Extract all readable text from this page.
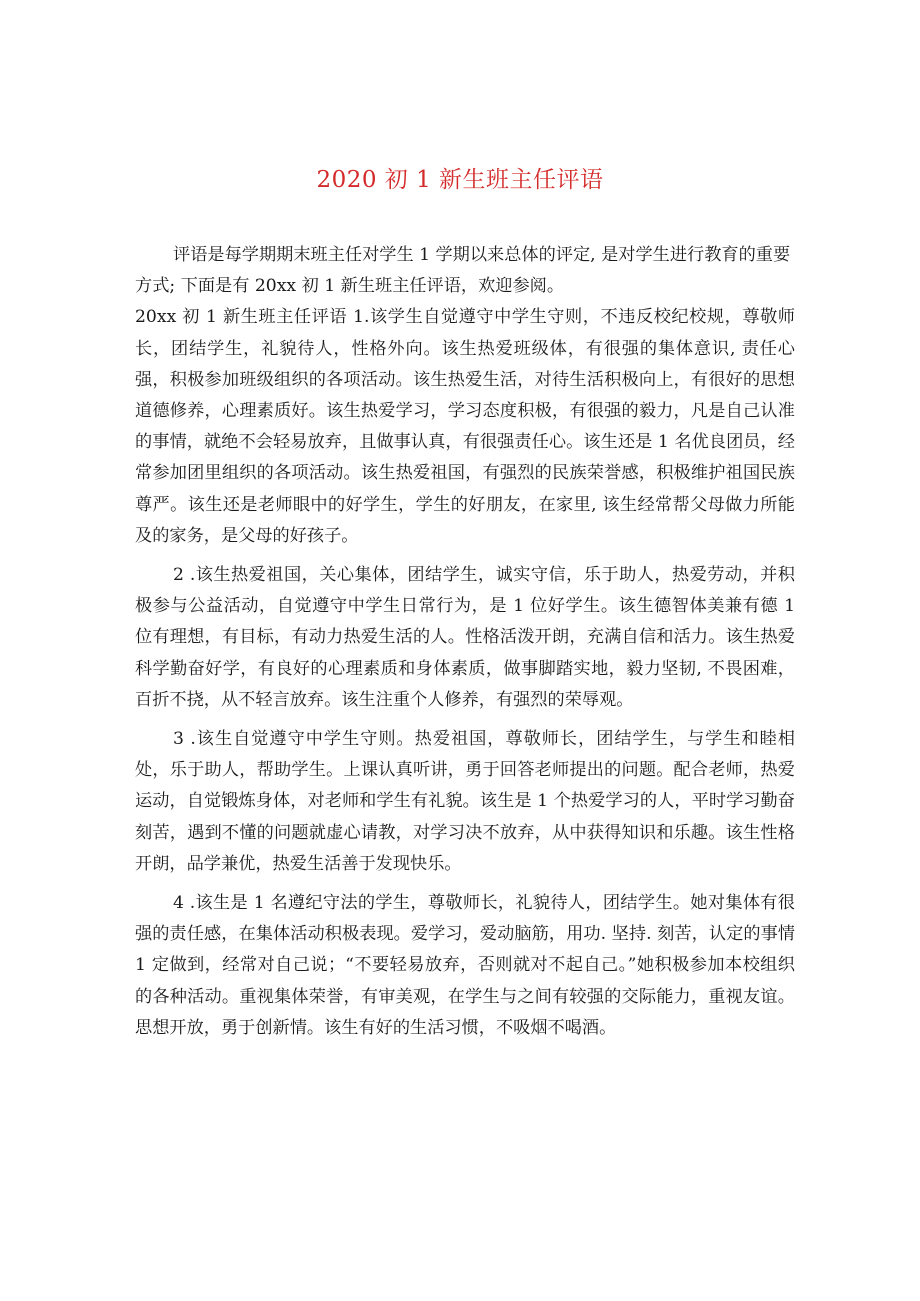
2020 初 1 新生班主任评语

评语是每学期期末班主任对学生 1 学期以来总体的评定, 是对学生进行教育的重要

方式; 下面是有 20xx 初 1 新生班主任评语，欢迎参阅。

20xx 初 1 新生班主任评语 1.该学生自觉遵守中学生守则，不违反校纪校规，尊敬师长，团结学生，礼貌待人，性格外向。该生热爱班级体，有很强的集体意识, 责任心强，积极参加班级组织的各项活动。该生热爱生活，对待生活积极向上，有很好的思想道德修养，心理素质好。该生热爱学习，学习态度积极，有很强的毅力，凡是自己认准的事情，就绝不会轻易放弃，且做事认真，有很强责任心。该生还是 1 名优良团员，经常参加团里组织的各项活动。该生热爱祖国，有强烈的民族荣誉感，积极维护祖国民族尊严。该生还是老师眼中的好学生，学生的好朋友，在家里, 该生经常帮父母做力所能及的家务，是父母的好孩子。

2 .该生热爱祖国，关心集体，团结学生，诚实守信，乐于助人，热爱劳动，并积极参与公益活动，自觉遵守中学生日常行为，是 1 位好学生。该生德智体美兼有德 1 位有理想，有目标，有动力热爱生活的人。性格活泼开朗，充满自信和活力。该生热爱科学勤奋好学，有良好的心理素质和身体素质，做事脚踏实地，毅力坚韧, 不畏困难，百折不挠，从不轻言放弃。该生注重个人修养，有强烈的荣辱观。

3 .该生自觉遵守中学生守则。热爱祖国，尊敬师长，团结学生，与学生和睦相处，乐于助人，帮助学生。上课认真听讲，勇于回答老师提出的问题。配合老师，热爱运动，自觉锻炼身体，对老师和学生有礼貌。该生是 1 个热爱学习的人，平时学习勤奋刻苦，遇到不懂的问题就虚心请教，对学习决不放弃，从中获得知识和乐趣。该生性格开朗，品学兼优，热爱生活善于发现快乐。

4 .该生是 1 名遵纪守法的学生，尊敬师长，礼貌待人，团结学生。她对集体有很强的责任感，在集体活动积极表现。爱学习，爱动脑筋，用功. 坚持. 刻苦，认定的事情 1 定做到，经常对自己说；“不要轻易放弃，否则就对不起自己。”她积极参加本校组织的各种活动。重视集体荣誉，有审美观，在学生与之间有较强的交际能力，重视友谊。思想开放，勇于创新情。该生有好的生活习惯，不吸烟不喝酒。
